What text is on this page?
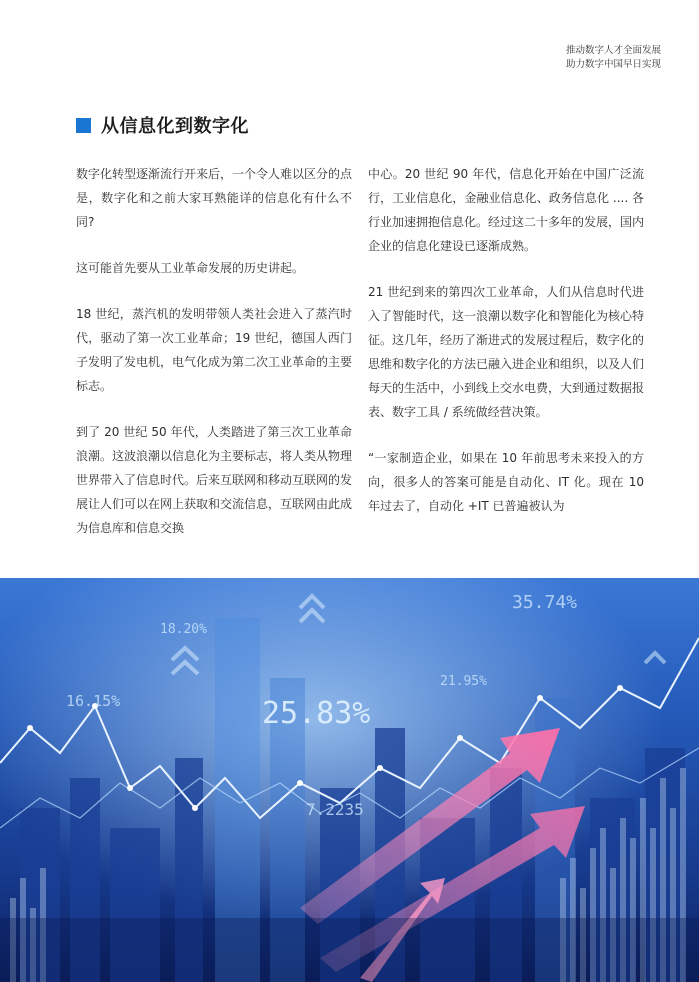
推动数字人才全面发展
助力数字中国早日实现
从信息化到数字化

数字化转型逐渐流行开来后，一个令人难以区分的点是，数字化和之前大家耳熟能详的信息化有什么不同?

这可能首先要从工业革命发展的历史讲起。

18 世纪，蒸汽机的发明带领人类社会进入了蒸汽时代，驱动了第一次工业革命；19 世纪，德国人西门子发明了发电机，电气化成为第二次工业革命的主要标志。

到了 20 世纪 50 年代，人类踏进了第三次工业革命浪潮。这波浪潮以信息化为主要标志，将人类从物理世界带入了信息时代。后来互联网和移动互联网的发展让人们可以在网上获取和交流信息，互联网由此成为信息库和信息交换

中心。20 世纪 90 年代，信息化开始在中国广泛流行，工业信息化，金融业信息化、政务信息化 .... 各行业加速拥抱信息化。经过这二十多年的发展，国内企业的信息化建设已逐渐成熟。

21 世纪到来的第四次工业革命，人们从信息时代进入了智能时代，这一浪潮以数字化和智能化为核心特征。这几年，经历了渐进式的发展过程后，数字化的思维和数字化的方法已融入进企业和组织，以及人们每天的生活中，小到线上交水电费，大到通过数据报表、数字工具 / 系统做经营决策。

“一家制造企业，如果在 10 年前思考未来投入的方向，很多人的答案可能是自动化、IT 化。现在 10 年过去了，自动化 +IT 已普遍被认为

25.83%
35.74%
18.20%
16.15%
21.95%
7.2235
